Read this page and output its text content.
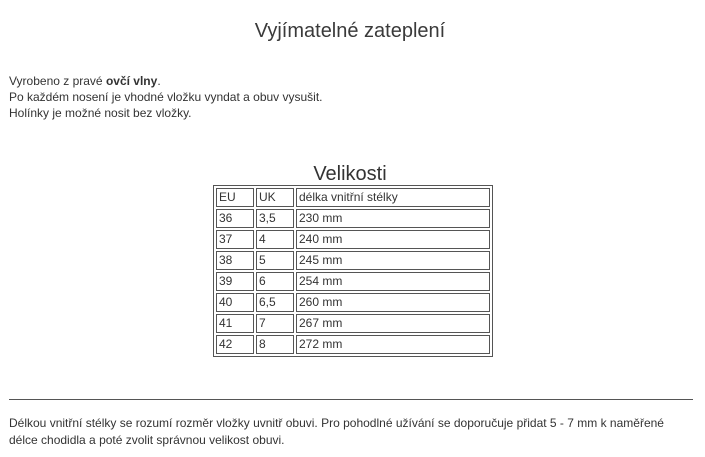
Vyjímatelné zateplení
Vyrobeno z pravé ovčí vlny.
Po každém nosení je vhodné vložku vyndat a obuv vysušit.
Holínky je možné nosit bez vložky.
Velikosti
EU	UK	délka vnitřní stélky
36	3,5	230 mm
37	4	240 mm
38	5	245 mm
39	6	254 mm
40	6,5	260 mm
41	7	267 mm
42	8	272 mm
Délkou vnitřní stélky se rozumí rozměr vložky uvnitř obuvi. Pro pohodlné užívání se doporučuje přidat 5 - 7 mm k naměřené délce chodidla a poté zvolit správnou velikost obuvi.
